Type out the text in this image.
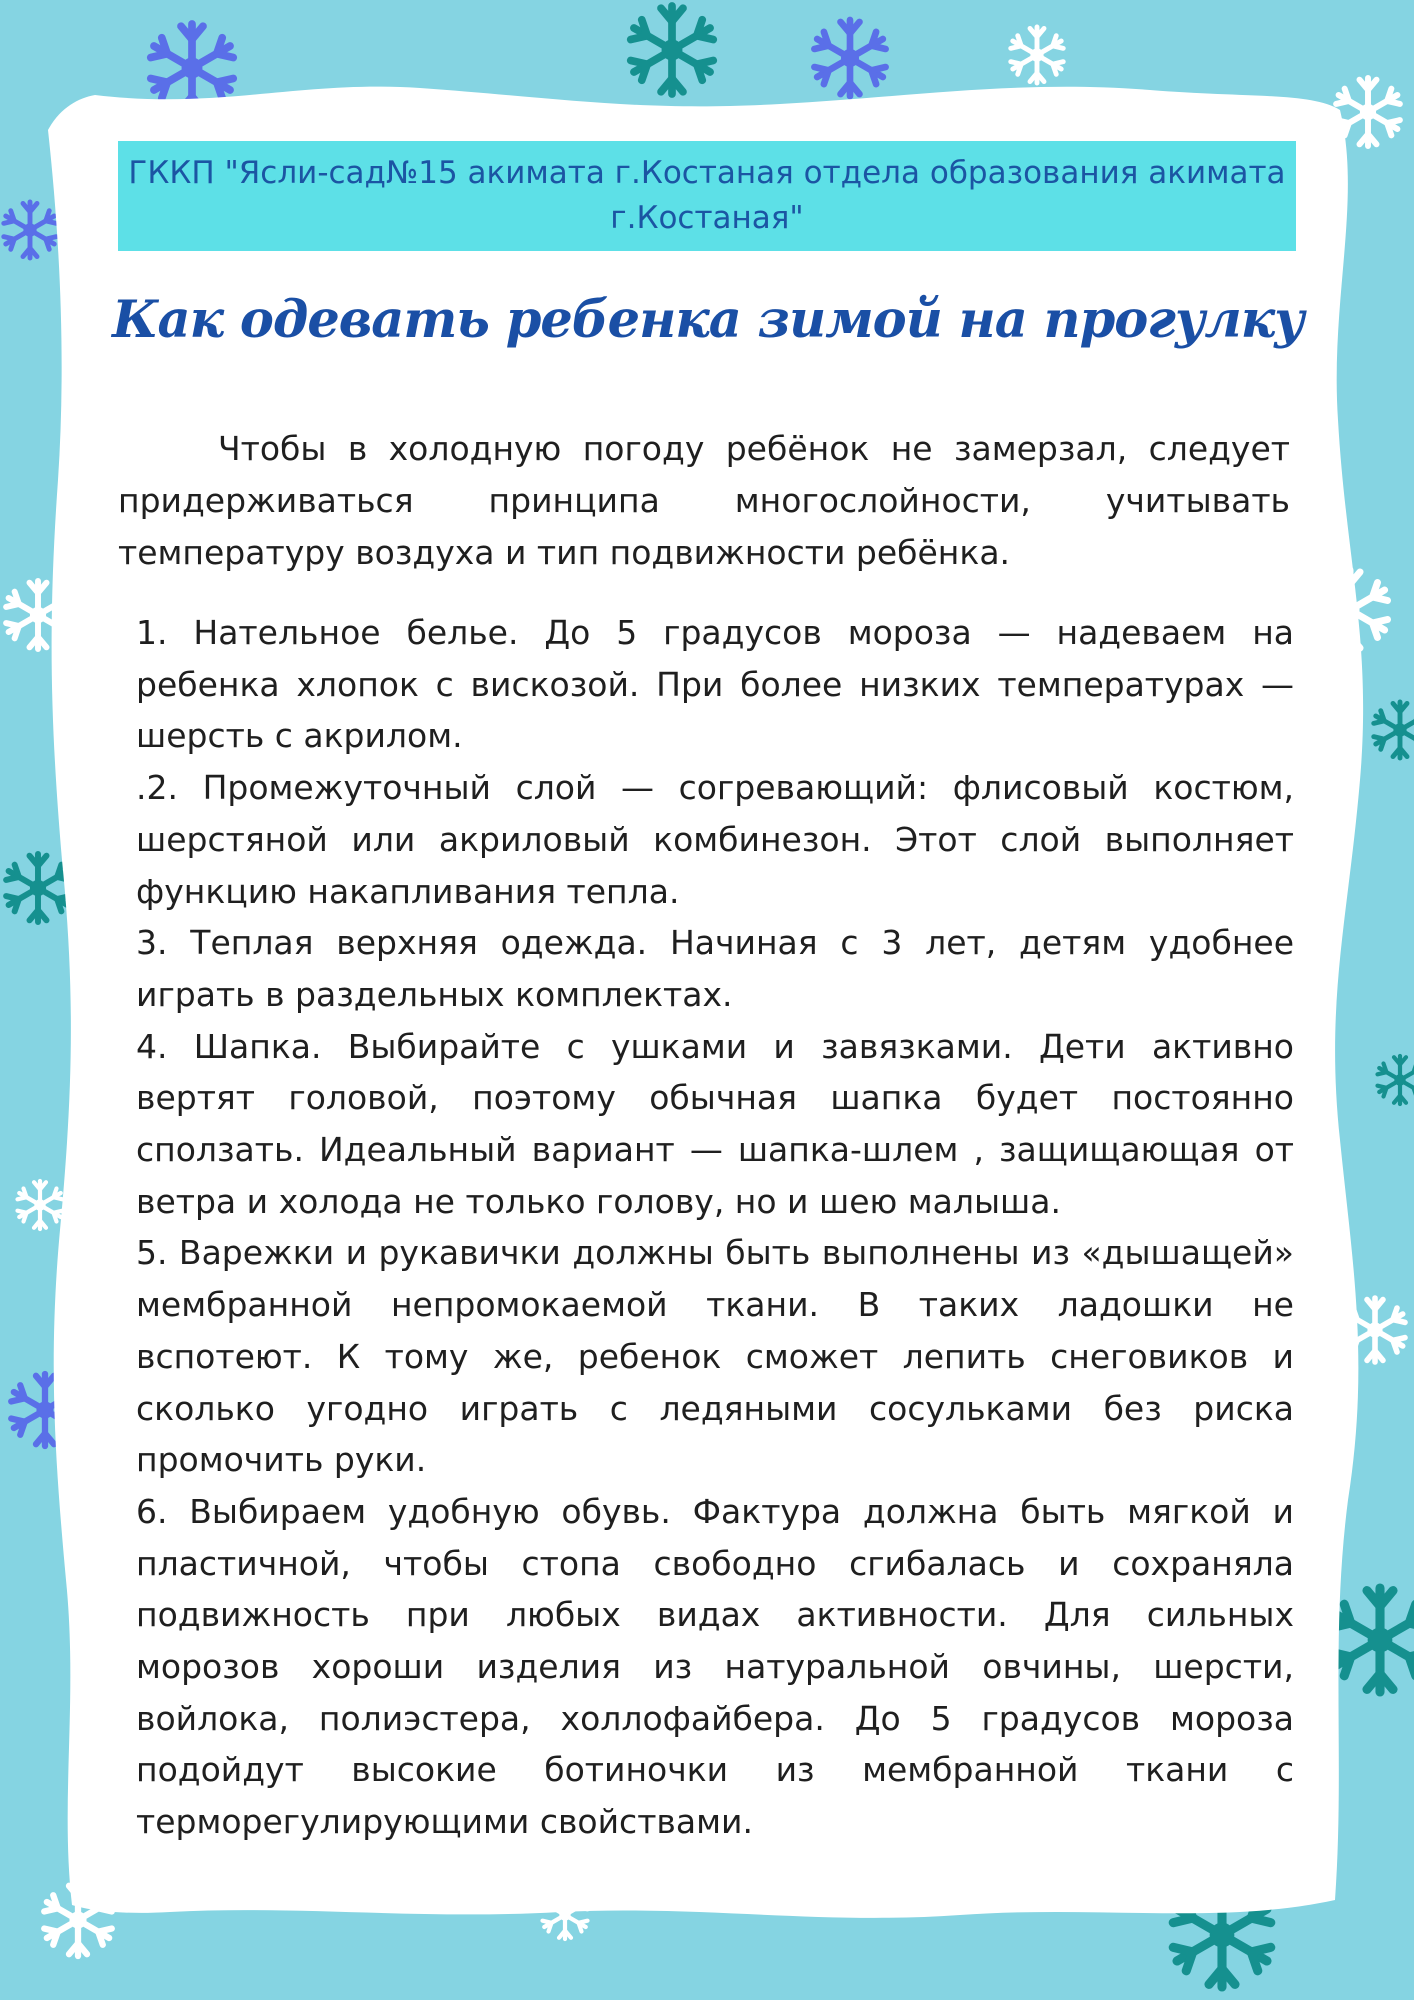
ГККП "Ясли-сад№15 акимата г.Костаная отдела образования акимата г.Костаная"
Как одевать ребенка зимой на прогулку

Чтобы в холодную погоду ребёнок не замерзал, следует придерживаться принципа многослойности, учитывать температуру воздуха и тип подвижности ребёнка.

1. Нательное белье. До 5 градусов мороза — надеваем на ребенка хлопок с вискозой. При более низких температурах — шерсть с акрилом.

.2. Промежуточный слой — согревающий: флисовый костюм, шерстяной или акриловый комбинезон. Этот слой выполняет функцию накапливания тепла.

3. Теплая верхняя одежда. Начиная с 3 лет, детям удобнее играть в раздельных комплектах.

4. Шапка. Выбирайте с ушками и завязками. Дети активно вертят головой, поэтому обычная шапка будет постоянно сползать. Идеальный вариант — шапка-шлем , защищающая от ветра и холода не только голову, но и шею малыша.

5. Варежки и рукавички должны быть выполнены из «дышащей» мембранной непромокаемой ткани. В таких ладошки не вспотеют. К тому же, ребенок сможет лепить снеговиков и сколько угодно играть с ледяными сосульками без риска промочить руки.

6. Выбираем удобную обувь. Фактура должна быть мягкой и пластичной, чтобы стопа свободно сгибалась и сохраняла подвижность при любых видах активности. Для сильных морозов хороши изделия из натуральной овчины, шерсти, войлока, полиэстера, холлофайбера. До 5 градусов мороза подойдут высокие ботиночки из мембранной ткани с терморегулирующими свойствами.
